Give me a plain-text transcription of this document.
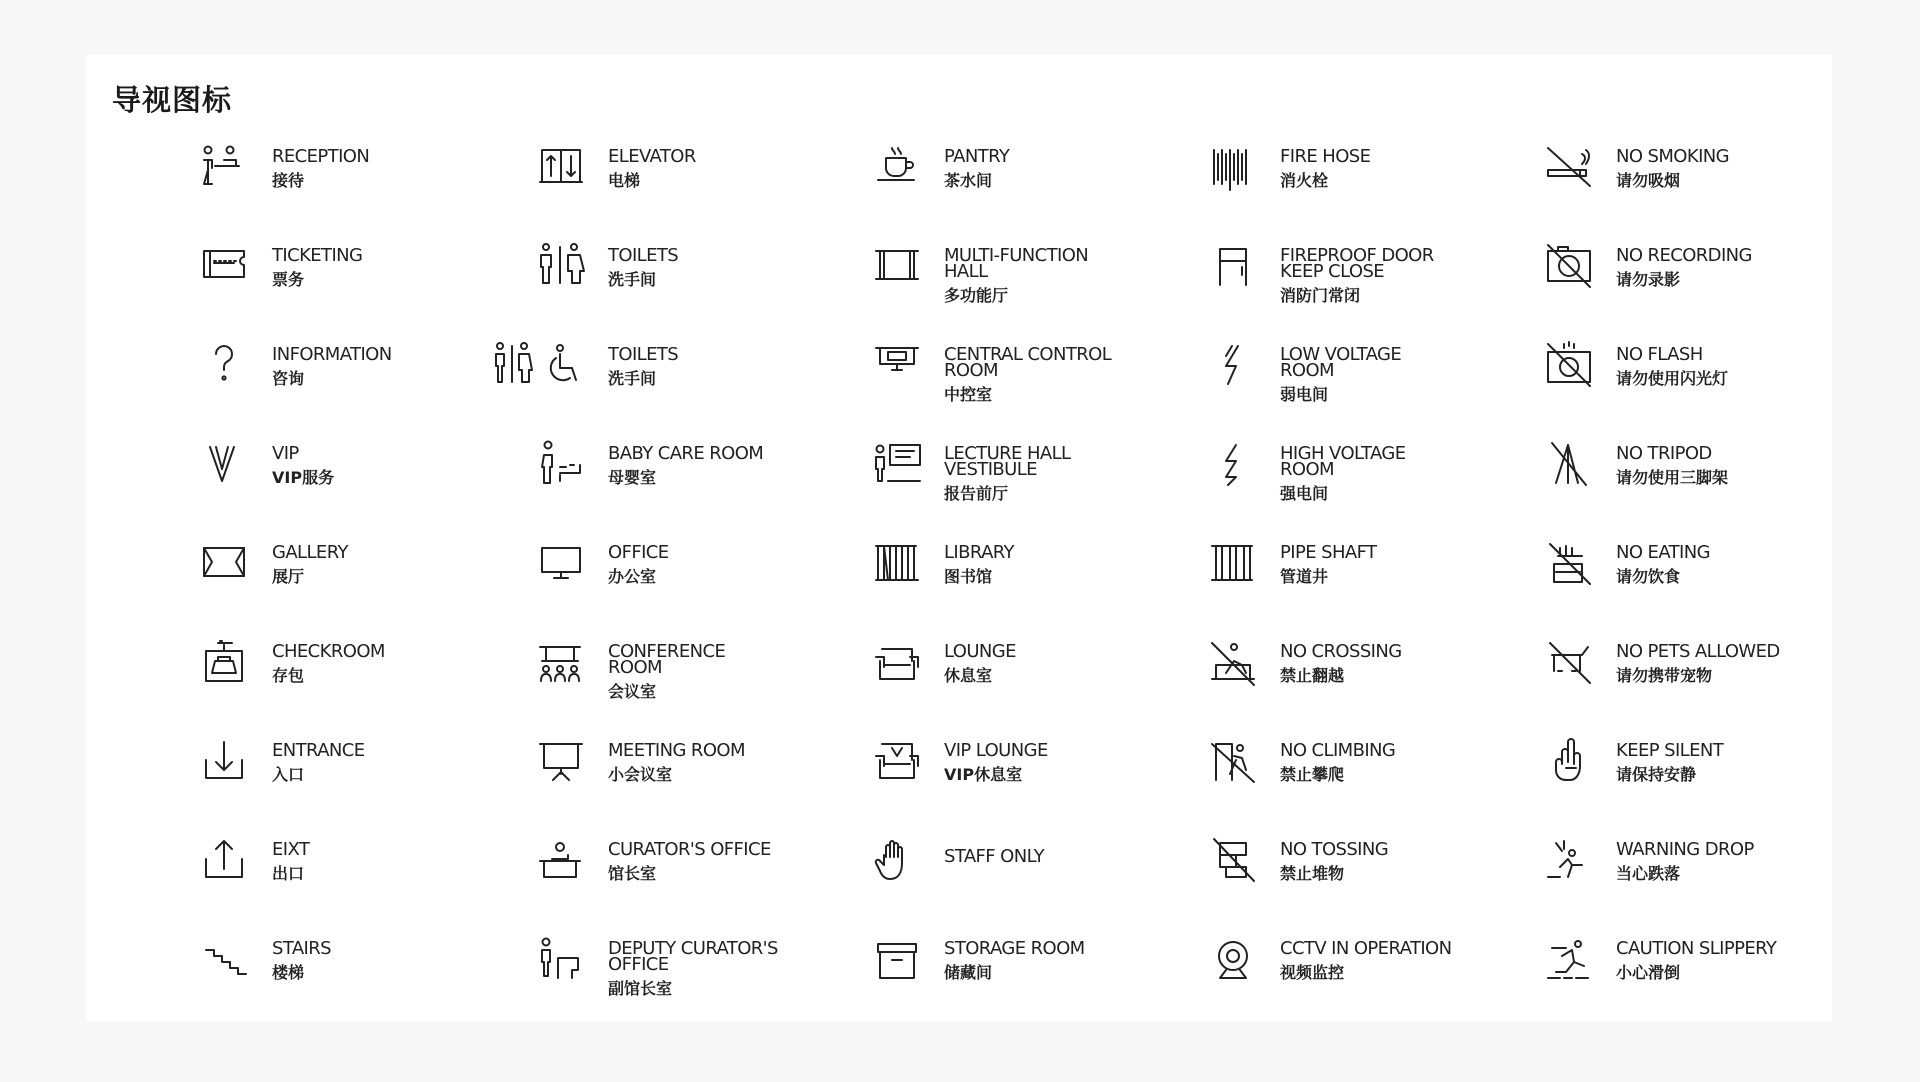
导视图标
RECEPTION
接待
TICKETING
票务
INFORMATION
咨询
VIP
VIP服务
GALLERY
展厅
CHECKROOM
存包
ENTRANCE
入口
EIXT
出口
STAIRS
楼梯
ELEVATOR
电梯
TOILETS
洗手间
TOILETS
洗手间
BABY CARE ROOM
母婴室
OFFICE
办公室
CONFERENCE
ROOM
会议室
MEETING ROOM
小会议室
CURATOR'S OFFICE
馆长室
DEPUTY CURATOR'S
OFFICE
副馆长室
PANTRY
茶水间
MULTI-FUNCTION
HALL
多功能厅
CENTRAL CONTROL
ROOM
中控室
LECTURE HALL
VESTIBULE
报告前厅
LIBRARY
图书馆
LOUNGE
休息室
VIP LOUNGE
VIP休息室
STAFF ONLY
STORAGE ROOM
储藏间
FIRE HOSE
消火栓
FIREPROOF DOOR
KEEP CLOSE
消防门常闭
LOW VOLTAGE
ROOM
弱电间
HIGH VOLTAGE
ROOM
强电间
PIPE SHAFT
管道井
NO CROSSING
禁止翻越
NO CLIMBING
禁止攀爬
NO TOSSING
禁止堆物
CCTV IN OPERATION
视频监控
NO SMOKING
请勿吸烟
NO RECORDING
请勿录影
NO FLASH
请勿使用闪光灯
NO TRIPOD
请勿使用三脚架
NO EATING
请勿饮食
NO PETS ALLOWED
请勿携带宠物
KEEP SILENT
请保持安静
WARNING DROP
当心跌落
CAUTION SLIPPERY
小心滑倒
